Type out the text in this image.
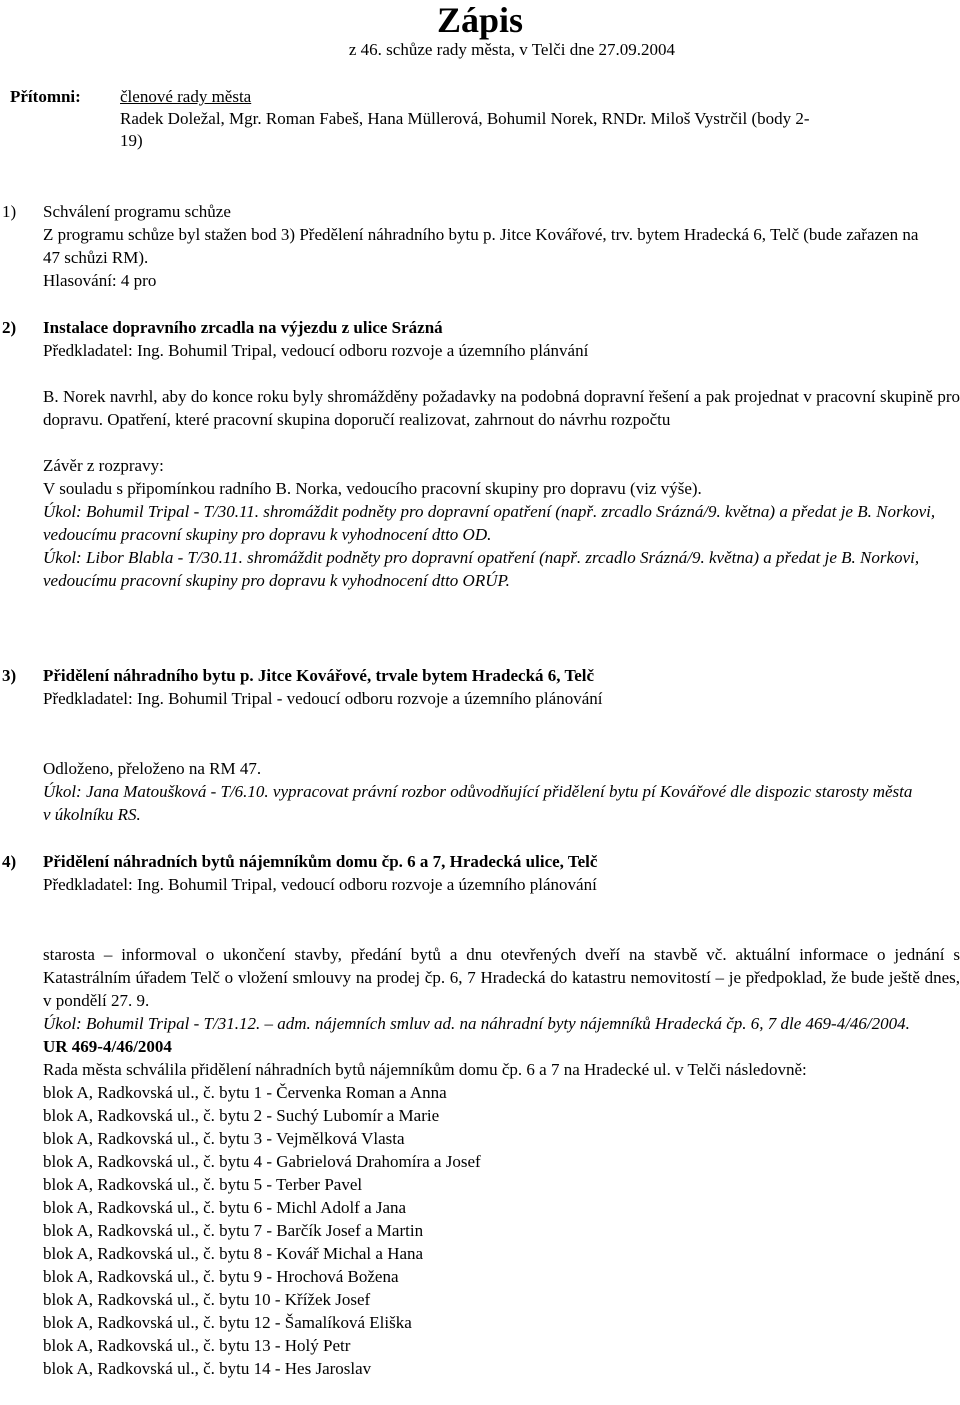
Zápis
z 46. schůze rady města, v Telči dne 27.09.2004
Přítomni: členové rady města
Radek Doležal, Mgr. Roman Fabeš, Hana Müllerová, Bohumil Norek, RNDr. Miloš Vystrčil (body 2-
19)
1)	Schválení programu schůze

Z programu schůze byl stažen bod 3) Předělení náhradního bytu p. Jitce Kovářové, trv. bytem Hradecká 6, Telč (bude zařazen na 47 schůzi RM).

Hlasování: 4 pro

2)	Instalace dopravního zrcadla na výjezdu z ulice Srázná

Předkladatel: Ing. Bohumil Tripal, vedoucí odboru rozvoje a územního plánvání

B. Norek navrhl, aby do konce roku byly shromážděny požadavky na podobná dopravní řešení a pak projednat v pracovní skupině pro dopravu. Opatření, které pracovní skupina doporučí realizovat, zahrnout do návrhu rozpočtu

Závěr z rozpravy:

V souladu s připomínkou radního B. Norka, vedoucího pracovní skupiny pro dopravu (viz výše).

Úkol: Bohumil Tripal - T/30.11. shromáždit podněty pro dopravní opatření (např. zrcadlo Srázná/9. května) a předat je B. Norkovi, vedoucímu pracovní skupiny pro dopravu k vyhodnocení dtto OD.

Úkol: Libor Blabla - T/30.11. shromáždit podněty pro dopravní opatření (např. zrcadlo Srázná/9. května) a předat je B. Norkovi, vedoucímu pracovní skupiny pro dopravu k vyhodnocení dtto ORÚP.

3)	Přidělení náhradního bytu p. Jitce Kovářové, trvale bytem Hradecká 6, Telč

Předkladatel: Ing. Bohumil Tripal - vedoucí odboru rozvoje a územního plánování

Odloženo, přeloženo na RM 47.

Úkol: Jana Matoušková - T/6.10. vypracovat právní rozbor odůvodňující přidělení bytu pí Kovářové dle dispozic starosty města v úkolníku RS.

4)	Přidělení náhradních bytů nájemníkům domu čp. 6 a 7, Hradecká ulice, Telč

Předkladatel: Ing. Bohumil Tripal, vedoucí odboru rozvoje a územního plánování

starosta – informoval o ukončení stavby, předání bytů a dnu otevřených dveří na stavbě vč. aktuální informace o jednání s Katastrálním úřadem Telč o vložení smlouvy na prodej čp. 6, 7 Hradecká do katastru nemovitostí – je předpoklad, že bude ještě dnes, v pondělí 27. 9.

Úkol: Bohumil Tripal - T/31.12. – adm. nájemních smluv ad. na náhradní byty nájemníků Hradecká čp. 6, 7 dle 469-4/46/2004.

UR 469-4/46/2004

Rada města schválila přidělení náhradních bytů nájemníkům domu čp. 6 a 7 na Hradecké ul. v Telči následovně:

blok A, Radkovská ul., č. bytu 1 - Červenka Roman a Anna

blok A, Radkovská ul., č. bytu 2 - Suchý Lubomír a Marie

blok A, Radkovská ul., č. bytu 3 - Vejmělková Vlasta

blok A, Radkovská ul., č. bytu 4 - Gabrielová Drahomíra a Josef

blok A, Radkovská ul., č. bytu 5 - Terber Pavel

blok A, Radkovská ul., č. bytu 6 - Michl Adolf a Jana

blok A, Radkovská ul., č. bytu 7 - Barčík Josef a Martin

blok A, Radkovská ul., č. bytu 8 - Kovář Michal a Hana

blok A, Radkovská ul., č. bytu 9 - Hrochová Božena

blok A, Radkovská ul., č. bytu 10 - Křížek Josef

blok A, Radkovská ul., č. bytu 12 - Šamalíková Eliška

blok A, Radkovská ul., č. bytu 13 - Holý Petr

blok A, Radkovská ul., č. bytu 14 - Hes Jaroslav
